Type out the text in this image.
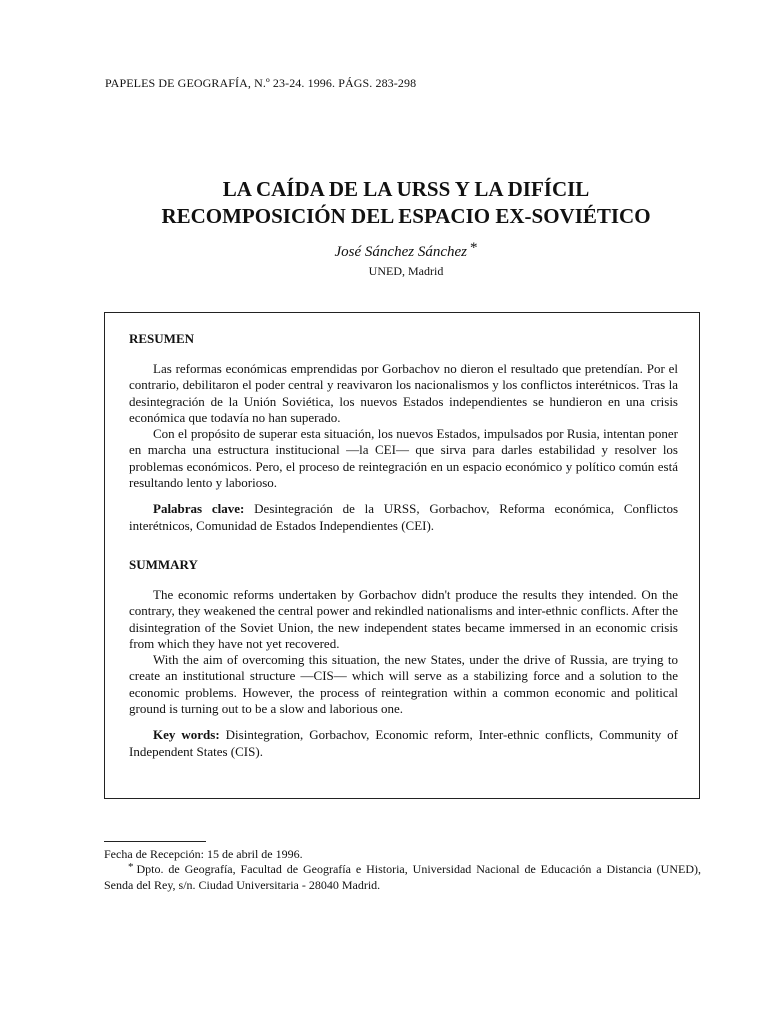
PAPELES DE GEOGRAFÍA, N.º 23-24. 1996. PÁGS. 283-298
LA CAÍDA DE LA URSS Y LA DIFÍCIL
RECOMPOSICIÓN DEL ESPACIO EX-SOVIÉTICO
José Sánchez Sánchez *
UNED, Madrid

RESUMEN

Las reformas económicas emprendidas por Gorbachov no dieron el resultado que pretendían. Por el contrario, debilitaron el poder central y reavivaron los nacionalismos y los conflictos interétnicos. Tras la desintegración de la Unión Soviética, los nuevos Estados independientes se hundieron en una crisis económica que todavía no han superado.

Con el propósito de superar esta situación, los nuevos Estados, impulsados por Rusia, intentan poner en marcha una estructura institucional —la CEI— que sirva para darles estabilidad y resolver los problemas económicos. Pero, el proceso de reintegración en un espacio económico y político común está resultando lento y laborioso.

Palabras clave: Desintegración de la URSS, Gorbachov, Reforma económica, Conflictos interétnicos, Comunidad de Estados Independientes (CEI).

SUMMARY

The economic reforms undertaken by Gorbachov didn't produce the results they intended. On the contrary, they weakened the central power and rekindled nationalisms and inter-ethnic conflicts. After the disintegration of the Soviet Union, the new independent states became immersed in an economic crisis from which they have not yet recovered.

With the aim of overcoming this situation, the new States, under the drive of Russia, are trying to create an institutional structure —CIS— which will serve as a stabilizing force and a solution to the economic problems. However, the process of reintegration within a common economic and political ground is turning out to be a slow and laborious one.

Key words: Disintegration, Gorbachov, Economic reform, Inter-ethnic conflicts, Community of Independent States (CIS).

Fecha de Recepción: 15 de abril de 1996.

* Dpto. de Geografía, Facultad de Geografía e Historia, Universidad Nacional de Educación a Distancia (UNED), Senda del Rey, s/n. Ciudad Universitaria - 28040 Madrid.
